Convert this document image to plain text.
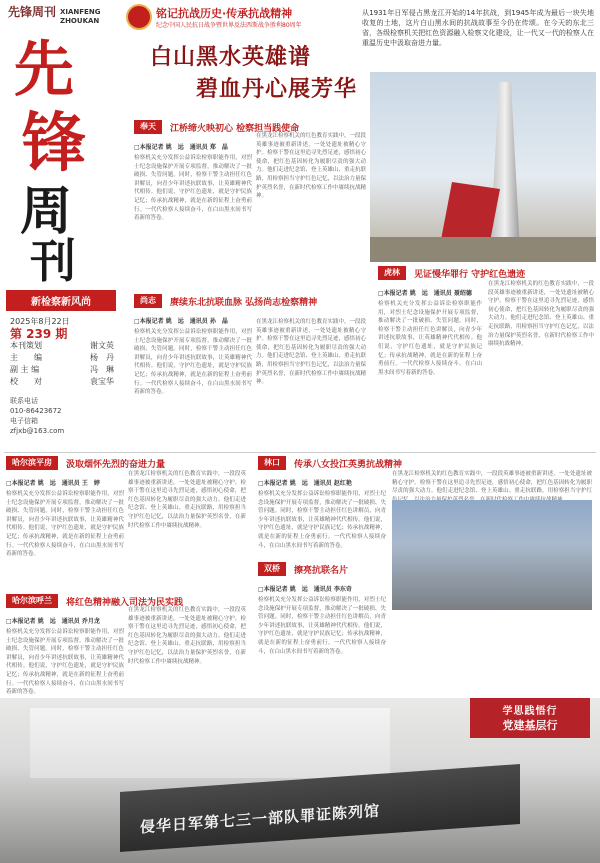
先锋周刊 XIANFENG
ZHOUKAN
先
锋
周
刊
新检察新风尚
2025年8月22日
第 239 期
本刊策划	谢文英
主　　编	杨　丹
副 主 编	冯　琳
校　　对	袁宝华
联系电话
010-86423672
电子信箱
zfjxb@163.com
铭记抗战历史·传承抗战精神
纪念中国人民抗日战争暨世界反法西斯战争胜利80周年
白山黑水英雄谱
碧血丹心展芳华
从1931年日军侵占黑龙江开始的14年抗战，到1945年成为最后一块失地收复的土地，这片白山黑水间的抗战故事至今仍在传颂。在今天的东北三省，各级检察机关把红色资源融入检察文化建设，让一代又一代的检察人在重温历史中汲取奋进力量。
奉天	江桥缔火映初心 检察担当践使命
□本报记者 姚　远　通讯员 郑　晶
检察机关充分发挥公益诉讼检察职能作用，对烈士纪念设施保护开展专项监督，推动解决了一批破损、失管问题。同时，检察干警主动担任红色讲解员，向青少年讲述抗联故事，让英雄精神代代相传。他们说，守护红色遗址，就是守护民族记忆；传承抗战精神，就是在新的征程上奋勇前行。一代代检察人接续奋斗，在白山黑水间书写着新的答卷。
在黑龙江检察机关的红色教育实践中，一段段英雄事迹被重新讲述，一处处遗址被精心守护。检察干警在这里追寻先烈足迹，感悟初心使命，把红色基因转化为履职尽责的强大动力。他们走进纪念馆、登上英雄山、重走抗联路，用检察担当守护红色记忆，以法治力量保护英烈名誉，在新时代检察工作中赓续抗战精神。
尚志	赓续东北抗联血脉 弘扬尚志检察精神
□本报记者 姚　远　通讯员 孙　晶
检察机关充分发挥公益诉讼检察职能作用，对烈士纪念设施保护开展专项监督，推动解决了一批破损、失管问题。同时，检察干警主动担任红色讲解员，向青少年讲述抗联故事，让英雄精神代代相传。他们说，守护红色遗址，就是守护民族记忆；传承抗战精神，就是在新的征程上奋勇前行。一代代检察人接续奋斗，在白山黑水间书写着新的答卷。
在黑龙江检察机关的红色教育实践中，一段段英雄事迹被重新讲述，一处处遗址被精心守护。检察干警在这里追寻先烈足迹，感悟初心使命，把红色基因转化为履职尽责的强大动力。他们走进纪念馆、登上英雄山、重走抗联路，用检察担当守护红色记忆，以法治力量保护英烈名誉，在新时代检察工作中赓续抗战精神。
虎林	见证慢华罪行 守护红色遗迹
□本报记者 姚　远　通讯员 聂绍德
检察机关充分发挥公益诉讼检察职能作用，对烈士纪念设施保护开展专项监督，推动解决了一批破损、失管问题。同时，检察干警主动担任红色讲解员，向青少年讲述抗联故事，让英雄精神代代相传。他们说，守护红色遗址，就是守护民族记忆；传承抗战精神，就是在新的征程上奋勇前行。一代代检察人接续奋斗，在白山黑水间书写着新的答卷。
在黑龙江检察机关的红色教育实践中，一段段英雄事迹被重新讲述，一处处遗址被精心守护。检察干警在这里追寻先烈足迹，感悟初心使命，把红色基因转化为履职尽责的强大动力。他们走进纪念馆、登上英雄山、重走抗联路，用检察担当守护红色记忆，以法治力量保护英烈名誉，在新时代检察工作中赓续抗战精神。
哈尔滨平房	汲取烟怀先烈的奋进力量
□本报记者 姚　远　通讯员 王　婷
检察机关充分发挥公益诉讼检察职能作用，对烈士纪念设施保护开展专项监督，推动解决了一批破损、失管问题。同时，检察干警主动担任红色讲解员，向青少年讲述抗联故事，让英雄精神代代相传。他们说，守护红色遗址，就是守护民族记忆；传承抗战精神，就是在新的征程上奋勇前行。一代代检察人接续奋斗，在白山黑水间书写着新的答卷。
在黑龙江检察机关的红色教育实践中，一段段英雄事迹被重新讲述，一处处遗址被精心守护。检察干警在这里追寻先烈足迹，感悟初心使命，把红色基因转化为履职尽责的强大动力。他们走进纪念馆、登上英雄山、重走抗联路，用检察担当守护红色记忆，以法治力量保护英烈名誉，在新时代检察工作中赓续抗战精神。
林口	传承八女投江英勇抗战精神
□本报记者 姚　远　通讯员 赵红艳
检察机关充分发挥公益诉讼检察职能作用，对烈士纪念设施保护开展专项监督，推动解决了一批破损、失管问题。同时，检察干警主动担任红色讲解员，向青少年讲述抗联故事，让英雄精神代代相传。他们说，守护红色遗址，就是守护民族记忆；传承抗战精神，就是在新的征程上奋勇前行。一代代检察人接续奋斗，在白山黑水间书写着新的答卷。
在黑龙江检察机关的红色教育实践中，一段段英雄事迹被重新讲述，一处处遗址被精心守护。检察干警在这里追寻先烈足迹，感悟初心使命，把红色基因转化为履职尽责的强大动力。他们走进纪念馆、登上英雄山、重走抗联路，用检察担当守护红
哈尔滨呼兰	将红色精神融入司法为民实践
□本报记者 姚　远　通讯员 乔月龙
检察机关充分发挥公益诉讼检察职能作用，对烈士纪念设施保护开展专项监督，推动解决了一批破损、失管问题。同时，检察干警主动担任红色讲解员，向青少年讲述抗联故事，让英雄精神代代相传。他们说，守护红色遗址，就是守护民族记忆；传承抗战精神，就是在新的征程上奋勇前行。一代代检察人接续奋斗，在白山黑水间书写着新的答卷。
在黑龙江检察机关的红色教育实践中，一段段英雄事迹被重新讲述，一处处遗址被精心守护。检察干警在这里追寻先烈足迹，感悟初心使命，把红色基因转化为履职尽责的强大动力。他们走进纪念馆、登上英雄山、重走抗联路，用检察担当守护红色记忆，以法治力量保护英烈名誉，在新时代检察工作中赓续抗战精神。
双桥	擦亮抗联名片
□本报记者 姚　远　通讯员 李东奇
检察机关充分发挥公益诉讼检察职能作用，对烈士纪念设施保护开展专项监督，推动解决了一批破损、失管问题。同时，检察干警主动担任红色讲解员，向青少年讲述抗联故事，让英雄精神代代相传。他们说，守护红色遗址，就是守护民族记忆；传承抗战精神，就是在新的征程上奋勇前行。一代代检察人接续奋斗，在白山黑水间书写着新的答卷。
侵华日军第七三一部队罪证陈列馆
学思践悟行
党建基层行
